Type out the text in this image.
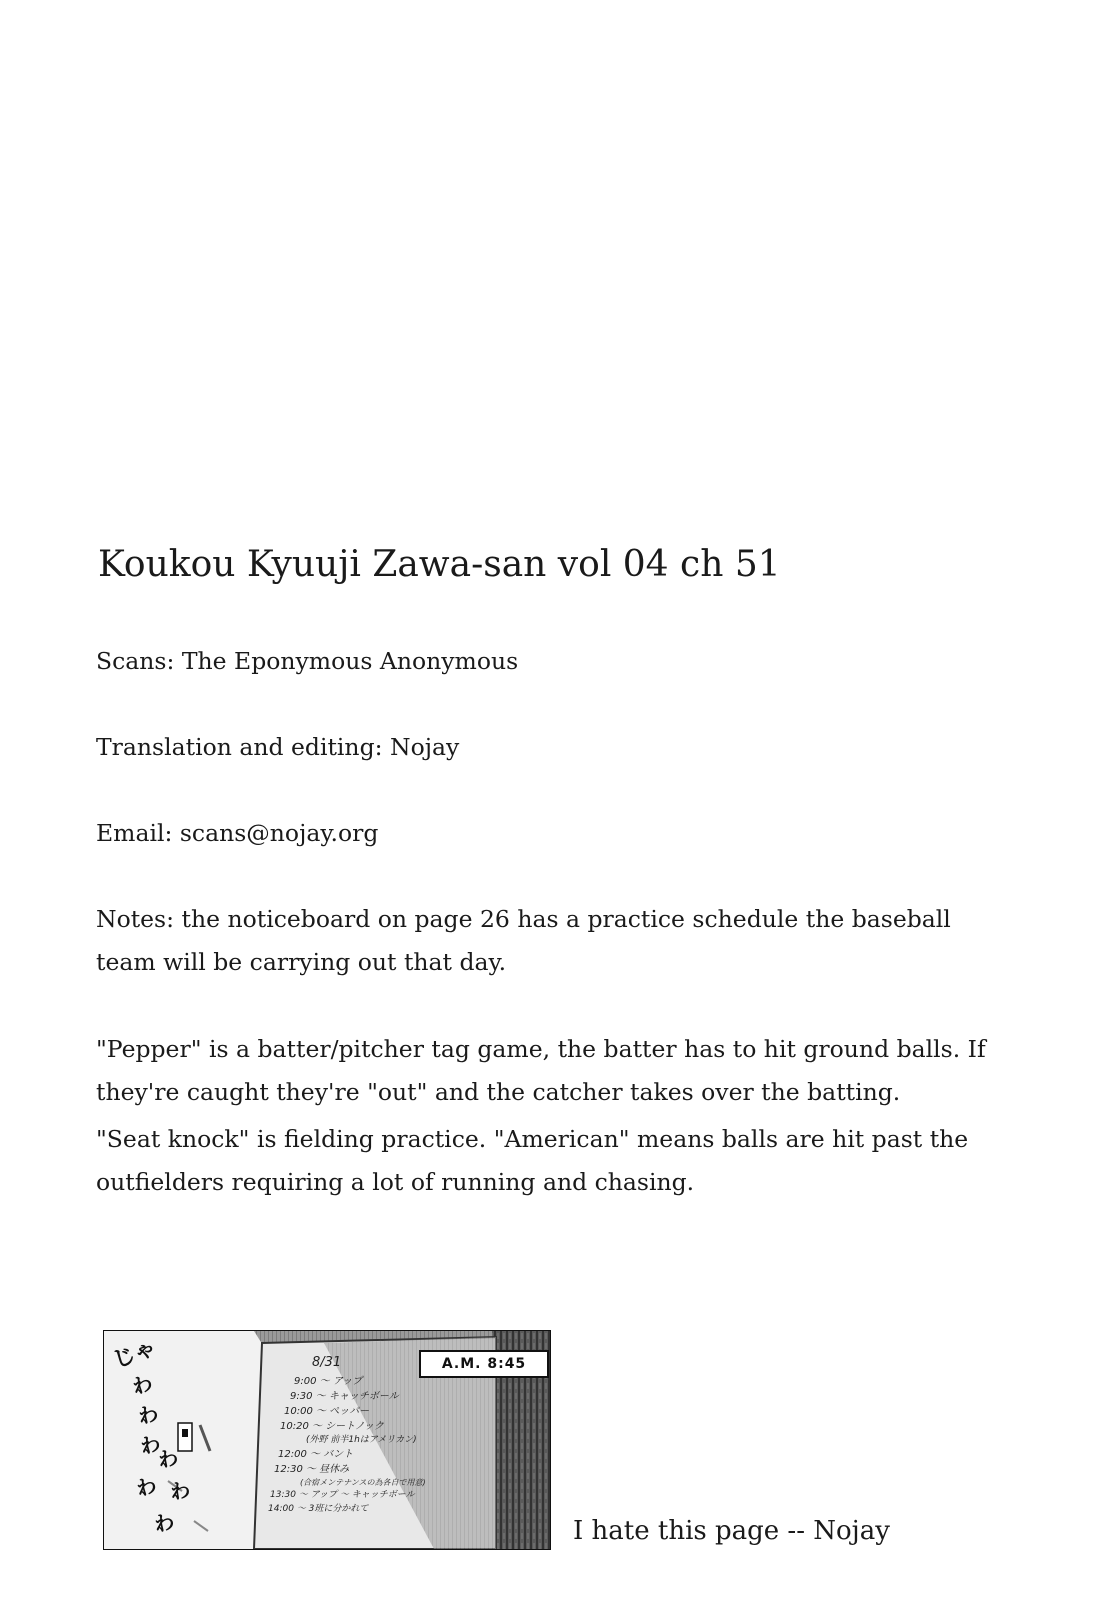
Koukou Kyuuji Zawa-san vol 04 ch 51

Scans: The Eponymous Anonymous

Translation and editing: Nojay

Email: scans@nojay.org

Notes: the noticeboard on page 26 has a practice schedule the baseball team will be carrying out that day.

"Pepper" is a batter/pitcher tag game, the batter has to hit ground balls. If they're caught they're "out" and the catcher takes over the batting.

"Seat knock" is fielding practice. "American" means balls are hit past the outfielders requiring a lot of running and chasing.

A.M. 8:45
8/31
9:00 ～ アップ
9:30 ～ キャッチボール
10:00 ～ ペッパー
10:20 ～ シートノック
(外野 前半1hはアメリカン)
12:00 ～ バント
12:30 ～ 昼休み
(合宿メンテナンスの為各自で用意)
13:30 ～ アップ ～ キャッチボール
14:00 ～ 3班に分かれて
じゃ
わ
わ
わ
わ
わ わ
わ	I hate this page -- Nojay
